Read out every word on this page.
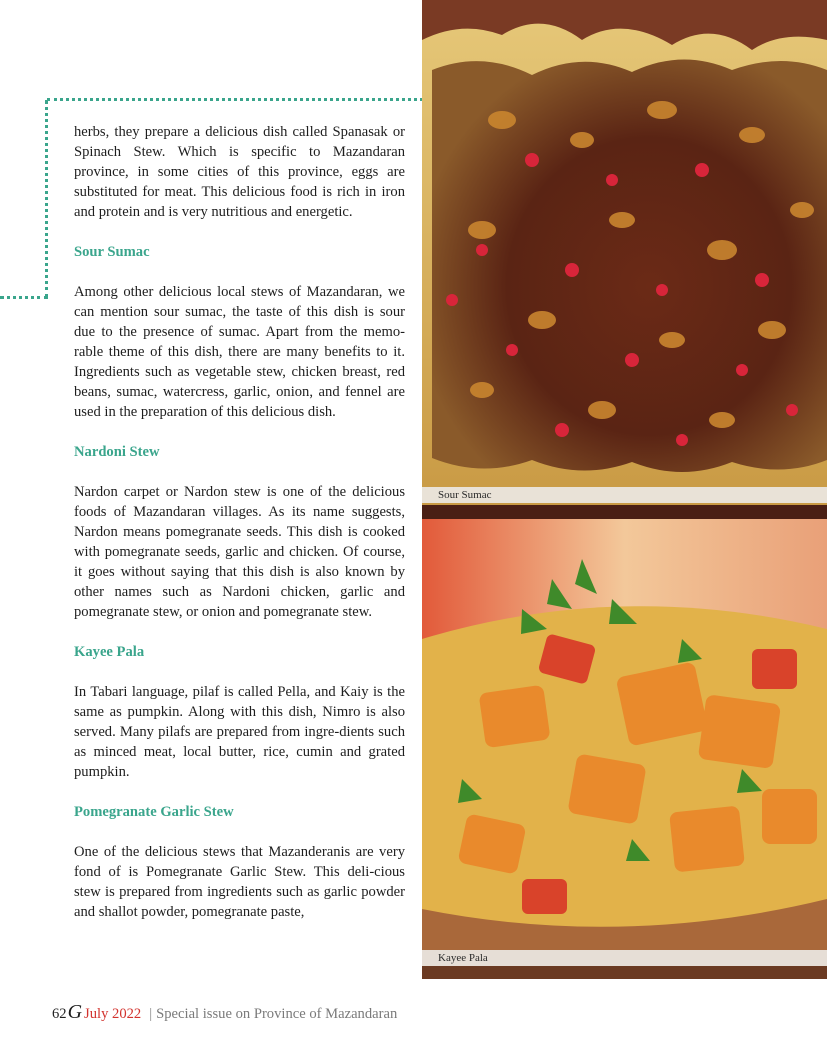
herbs, they prepare a delicious dish called Spanasak or Spinach Stew. Which is specific to Mazandaran province, in some cities of this province, eggs are substituted for meat. This delicious food is rich in iron and protein and is very nutritious and energetic.

Sour Sumac

Among other delicious local stews of Mazandaran, we can mention sour sumac, the taste of this dish is sour due to the presence of sumac. Apart from the memo-rable theme of this dish, there are many benefits to it. Ingredients such as vegetable stew, chicken breast, red beans, sumac, watercress, garlic, onion, and fennel are used in the preparation of this delicious dish.

Nardoni Stew

Nardon carpet or Nardon stew is one of the delicious foods of Mazandaran villages. As its name suggests, Nardon means pomegranate seeds. This dish is cooked with pomegranate seeds, garlic and chicken. Of course, it goes without saying that this dish is also known by other names such as Nardoni chicken, garlic and pomegranate stew, or onion and pomegranate stew.

Kayee Pala

In Tabari language, pilaf is called Pella, and Kaiy is the same as pumpkin. Along with this dish, Nimro is also served. Many pilafs are prepared from ingre-dients such as minced meat, local butter, rice, cumin and grated pumpkin.

Pomegranate Garlic Stew

One of the delicious stews that Mazanderanis are very fond of is Pomegranate Garlic Stew. This deli-cious stew is prepared from ingredients such as garlic powder and shallot powder, pomegranate paste,

Sour Sumac
Kayee Pala
62G July 2022 | Special issue on Province of Mazandaran
